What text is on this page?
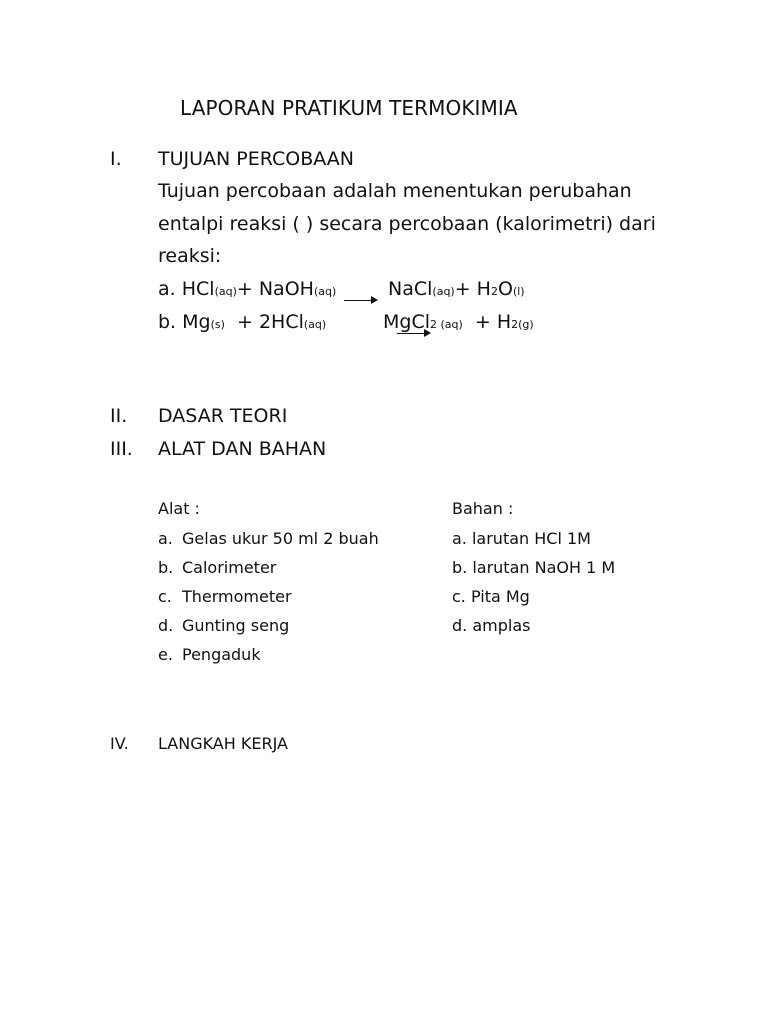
LAPORAN PRATIKUM TERMOKIMIA
I. TUJUAN PERCOBAAN
Tujuan percobaan adalah menentukan perubahan
entalpi reaksi ( ) secara percobaan (kalorimetri) dari
reaksi:
a. HCl (aq) + NaOH (aq)
	NaCl (aq) + H 2 O (l)
b. Mg (s) + 2HCl (aq)	MgCl 2 (aq) + H 2(g)
II. DASAR TEORI
III. ALAT DAN BAHAN
Alat :
a. Gelas ukur 50 ml 2 buah
b. Calorimeter
c. Thermometer
d. Gunting seng
e. Pengaduk
Bahan :
a. larutan HCl 1M
b. larutan NaOH 1 M
c. Pita Mg
d. amplas
IV. LANGKAH KERJA
